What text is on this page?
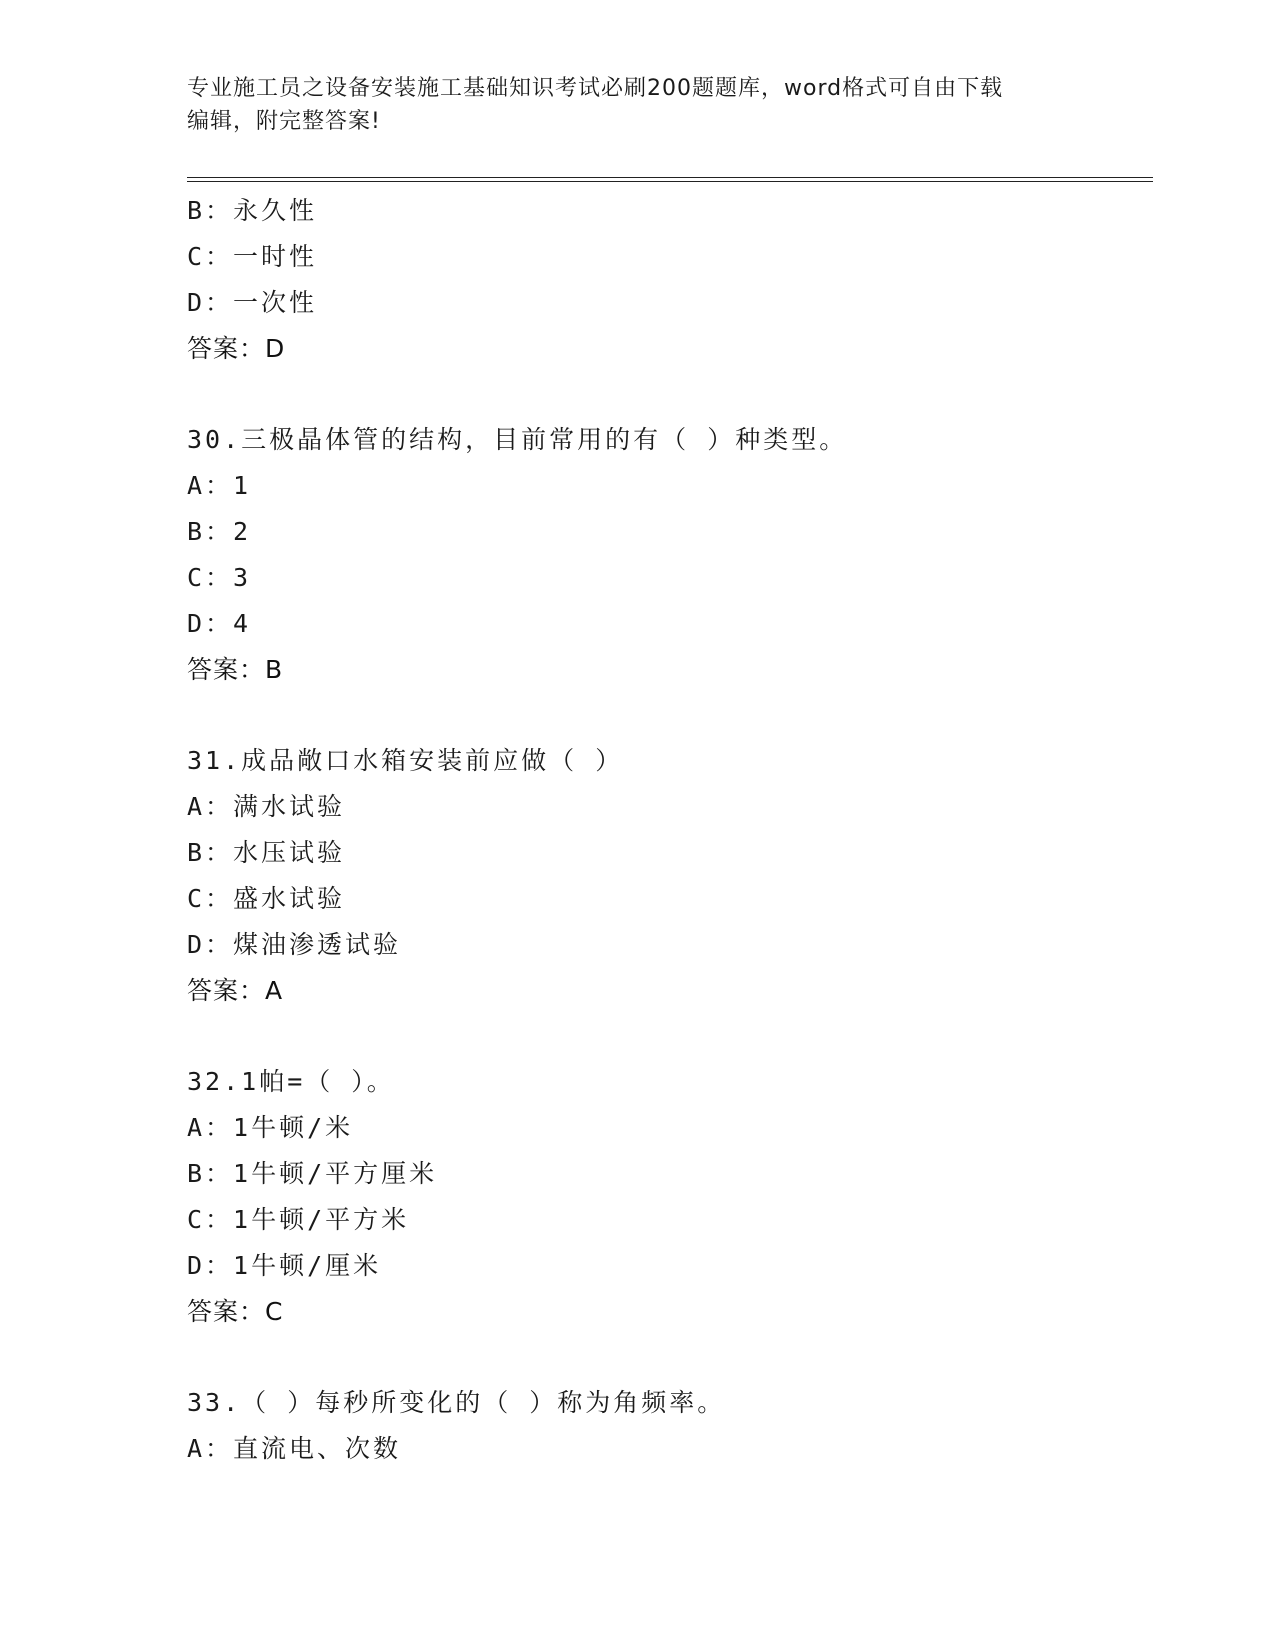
专业施工员之设备安装施工基础知识考试必刷200题题库，word格式可自由下载
编辑，附完整答案!
B：永久性
C：一时性
D：一次性
答案：D
30.三极晶体管的结构，目前常用的有（ ）种类型。
A：1
B：2
C：3
D：4
答案：B
31.成品敞口水箱安装前应做（ ）
A：满水试验
B：水压试验
C：盛水试验
D：煤油渗透试验
答案：A
32.1帕=（ ）。
A：1牛顿/米
B：1牛顿/平方厘米
C：1牛顿/平方米
D：1牛顿/厘米
答案：C
33.（ ）每秒所变化的（ ）称为角频率。
A：直流电、次数
